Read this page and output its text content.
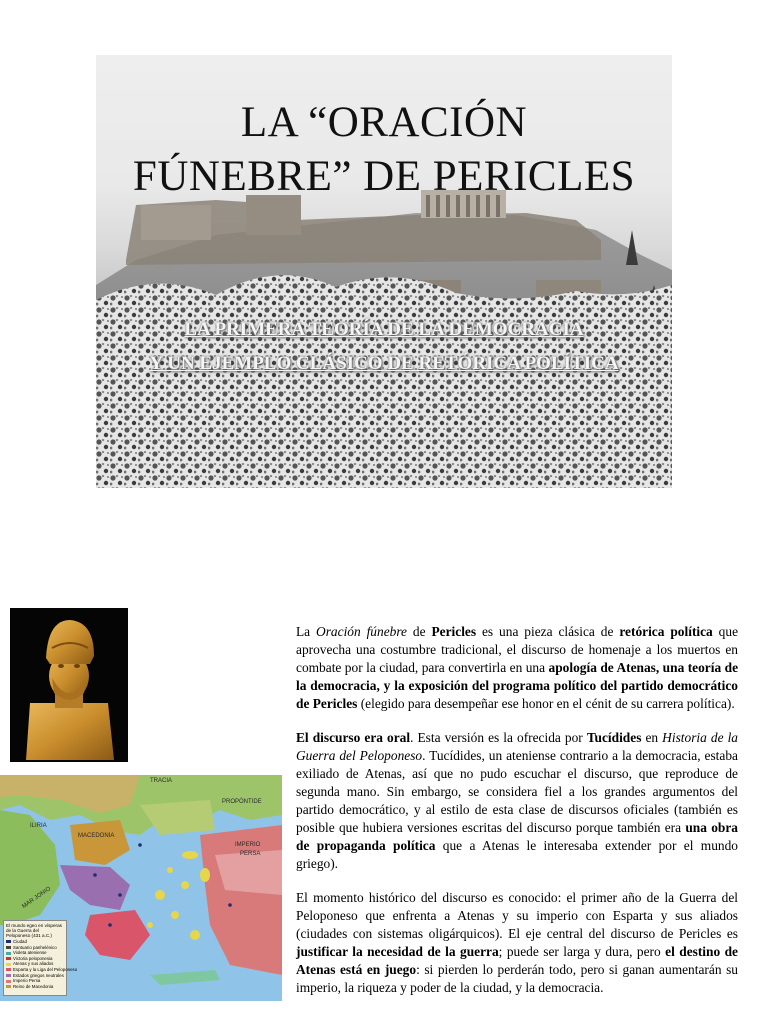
LA “ORACIÓN
FÚNEBRE” DE PERICLES
LA PRIMERA TEORÍA DE LA DEMOCRACIA
Y UN EJEMPLO CLÁSICO DE RETÓRICA POLÍTICA
TRACIA
MACEDONIA
IMPERIO
PERSA
ILIRIA
MAR JONIO
PROPÓNTIDE
El mundo egeo en vísperas de la Guerra del Peloponeso (431 a.C.)
Ciudad
Santuario panhelénico
Violeta ateniense
Victoria peloponesia
Atenas y sus aliados
Esparta y la Liga del Peloponeso
Estados griegos neutrales
Imperio Persa
Reino de Macedonia

La Oración fúnebre de Pericles es una pieza clásica de retórica política que aprovecha una costumbre tradicional, el discurso de homenaje a los muertos en combate por la ciudad, para convertirla en una apología de Atenas, una teoría de la democracia, y la exposición del programa político del partido democrático de Pericles (elegido para desempeñar ese honor en el cénit de su carrera política).

El discurso era oral. Esta versión es la ofrecida por Tucídides en Historia de la Guerra del Peloponeso. Tucídides, un ateniense contrario a la democracia, estaba exiliado de Atenas, así que no pudo escuchar el discurso, que reproduce de segunda mano. Sin embargo, se considera fiel a los grandes argumentos del partido democrático, y al estilo de esta clase de discursos oficiales (también es posible que hubiera versiones escritas del discurso porque también era una obra de propaganda política que a Atenas le interesaba extender por el mundo griego).

El momento histórico del discurso es conocido: el primer año de la Guerra del Peloponeso que enfrenta a Atenas y su imperio con Esparta y sus aliados (ciudades con sistemas oligárquicos). El eje central del discurso de Pericles es justificar la necesidad de la guerra; puede ser larga y dura, pero el destino de Atenas está en juego: si pierden lo perderán todo, pero si ganan aumentarán su imperio, la riqueza y poder de la ciudad, y la democracia.
